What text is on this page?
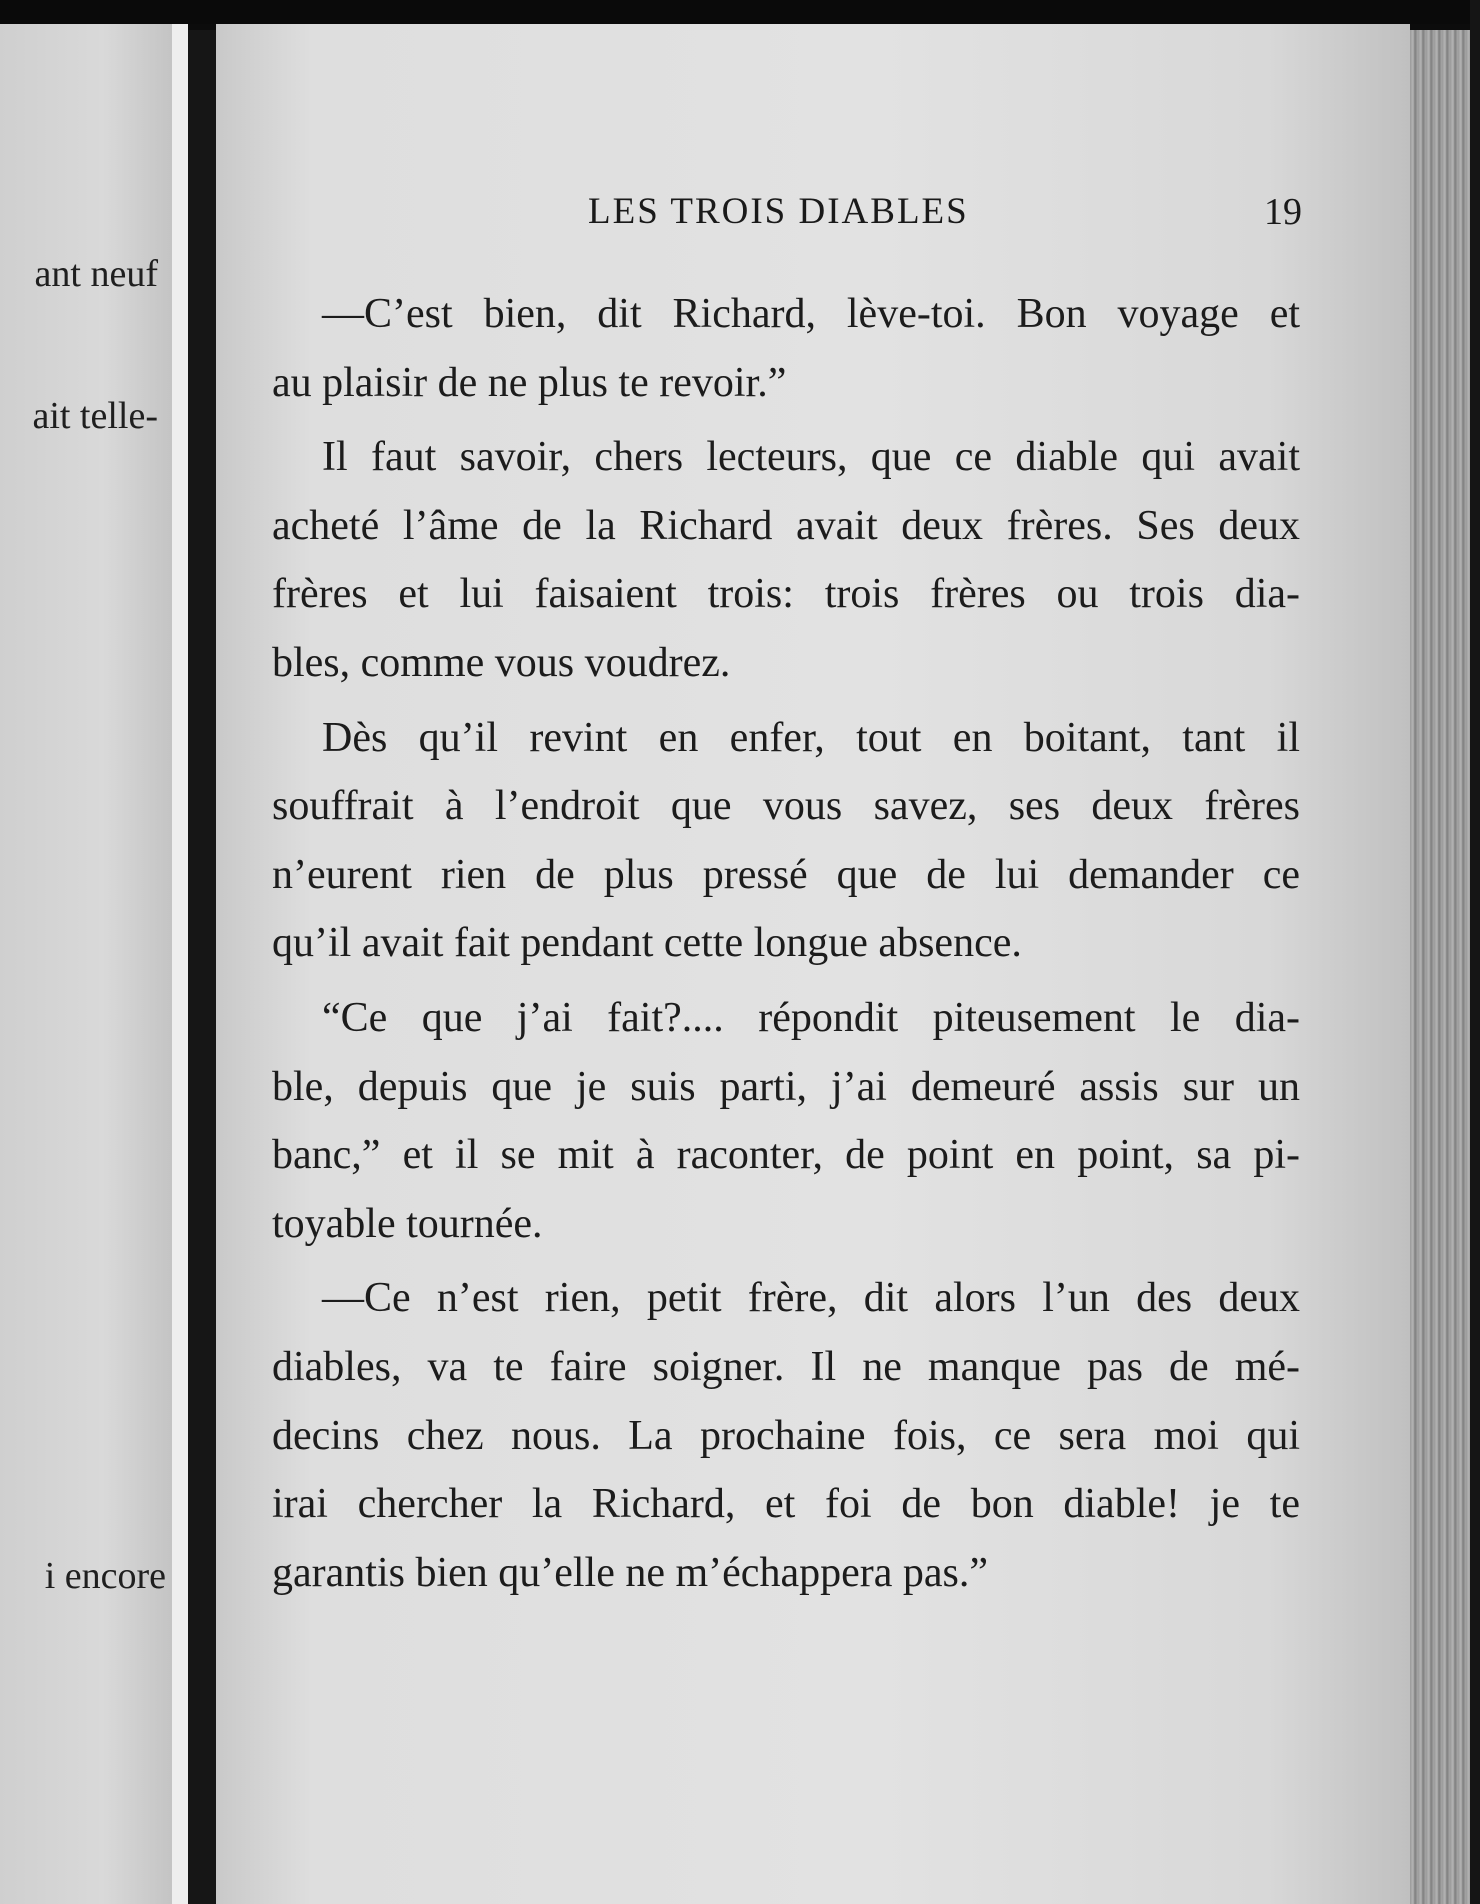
ant neuf
ait telle-
i encore
LES TROIS DIABLES	19
—C’est bien, dit Richard, lève-toi. Bon voyage et
au plaisir de ne plus te revoir.”
Il faut savoir, chers lecteurs, que ce diable qui avait
acheté l’âme de la Richard avait deux frères. Ses deux
frères et lui faisaient trois: trois frères ou trois dia-
bles, comme vous voudrez.
Dès qu’il revint en enfer, tout en boitant, tant il
souffrait à l’endroit que vous savez, ses deux frères
n’eurent rien de plus pressé que de lui demander ce
qu’il avait fait pendant cette longue absence.
“Ce que j’ai fait?.... répondit piteusement le dia-
ble, depuis que je suis parti, j’ai demeuré assis sur un
banc,” et il se mit à raconter, de point en point, sa pi-
toyable tournée.
—Ce n’est rien, petit frère, dit alors l’un des deux
diables, va te faire soigner. Il ne manque pas de mé-
decins chez nous. La prochaine fois, ce sera moi qui
irai chercher la Richard, et foi de bon diable! je te
garantis bien qu’elle ne m’échappera pas.”
